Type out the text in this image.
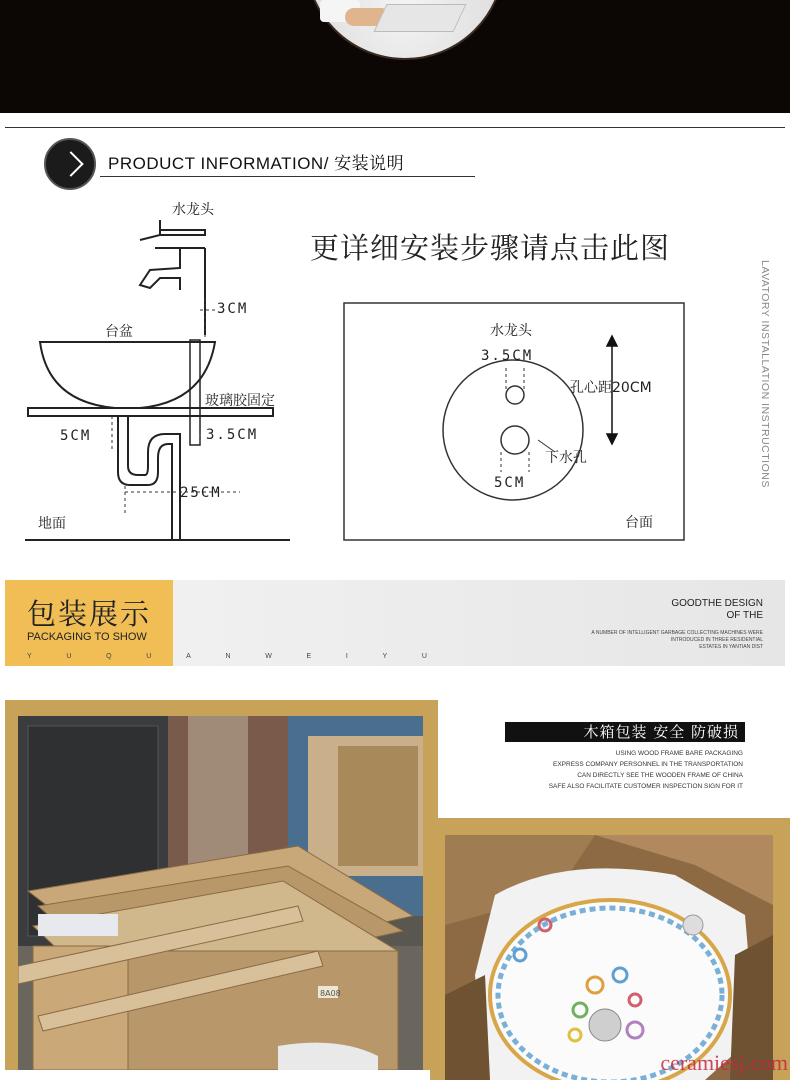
PRODUCT INFORMATION/ 安装说明
水龙头
3CM
台盆
玻璃胶固定
5CM	3.5CM
25CM
地面
更详细安装步骤请点击此图
水龙头
3.5CM
孔心距20CM
下水孔
5CM
台面
LAVATORY INSTALLATION INSTRUCTIONS
包装展示
PACKAGING TO SHOW
Y	U	Q	U	A	N	W	E	I	Y	U
GOODTHE DESIGN
OF THE
A NUMBER OF INTELLIGENT GARBAGE COLLECTING MACHINES WERE
INTRODUCED IN THREE RESIDENTIAL
ESTATES IN YANTIAN DIST
8A08
木箱包装 安全 防破损
USING WOOD FRAME BARE PACKAGING
EXPRESS COMPANY PERSONNEL IN THE TRANSPORTATION
CAN DIRECTLY SEE THE WOODEN FRAME OF CHINA
SAFE ALSO FACILITATE CUSTOMER INSPECTION SIGN FOR IT
ceramiesj.com
